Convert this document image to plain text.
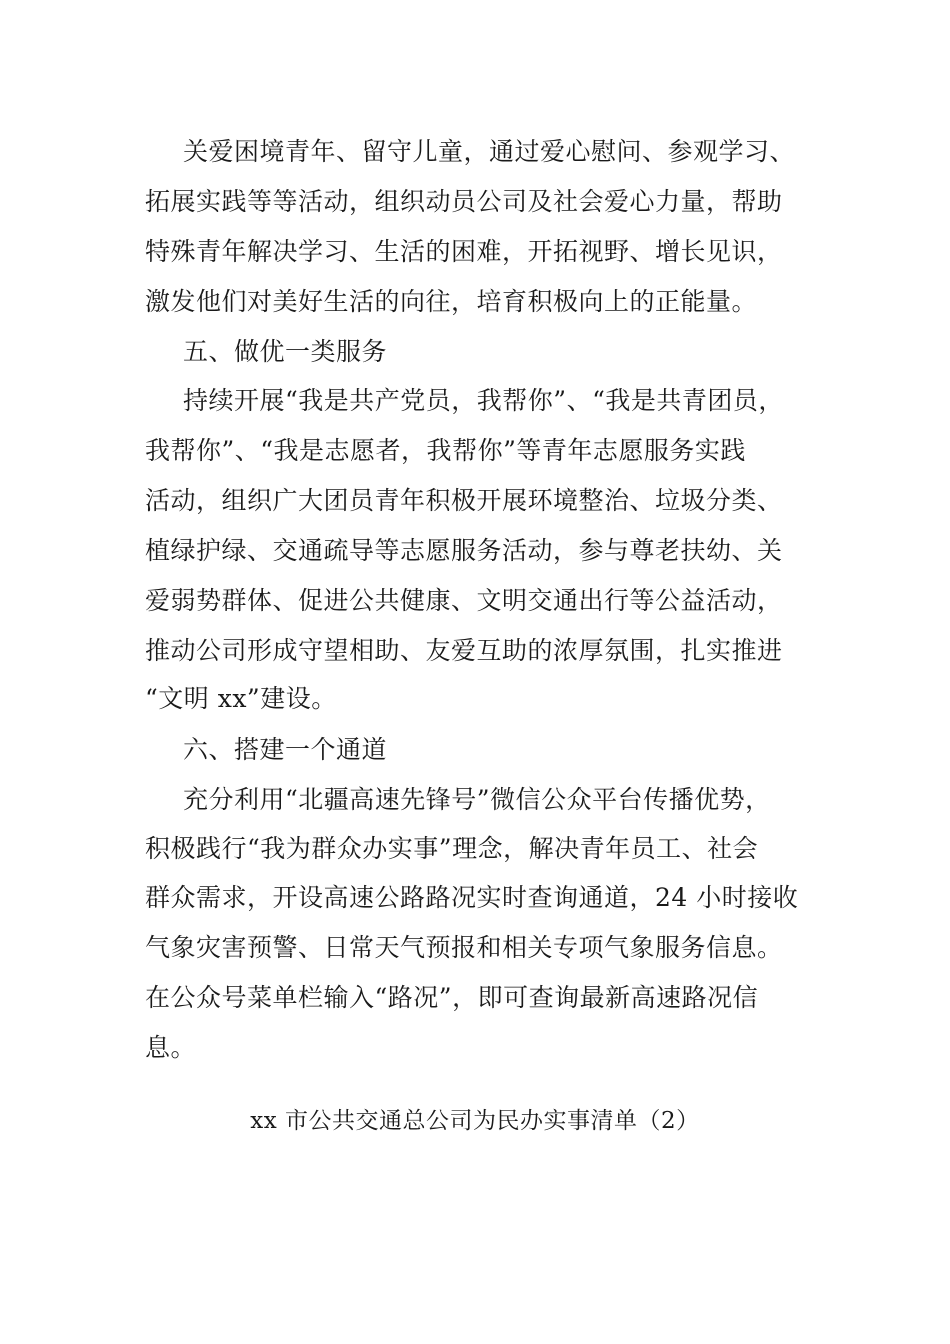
关爱困境青年、留守儿童，通过爱心慰问、参观学习、
拓展实践等等活动，组织动员公司及社会爱心力量，帮助
特殊青年解决学习、生活的困难，开拓视野、增长见识，
激发他们对美好生活的向往，培育积极向上的正能量。
五、做优一类服务
持续开展“我是共产党员，我帮你”、“我是共青团员，
我帮你”、“我是志愿者，我帮你”等青年志愿服务实践
活动，组织广大团员青年积极开展环境整治、垃圾分类、
植绿护绿、交通疏导等志愿服务活动，参与尊老扶幼、关
爱弱势群体、促进公共健康、文明交通出行等公益活动，
推动公司形成守望相助、友爱互助的浓厚氛围，扎实推进
“文明 xx”建设。
六、搭建一个通道
充分利用“北疆高速先锋号”微信公众平台传播优势，
积极践行“我为群众办实事”理念，解决青年员工、社会
群众需求，开设高速公路路况实时查询通道，24 小时接收
气象灾害预警、日常天气预报和相关专项气象服务信息。
在公众号菜单栏输入“路况”，即可查询最新高速路况信
息。
xx 市公共交通总公司为民办实事清单（2）
